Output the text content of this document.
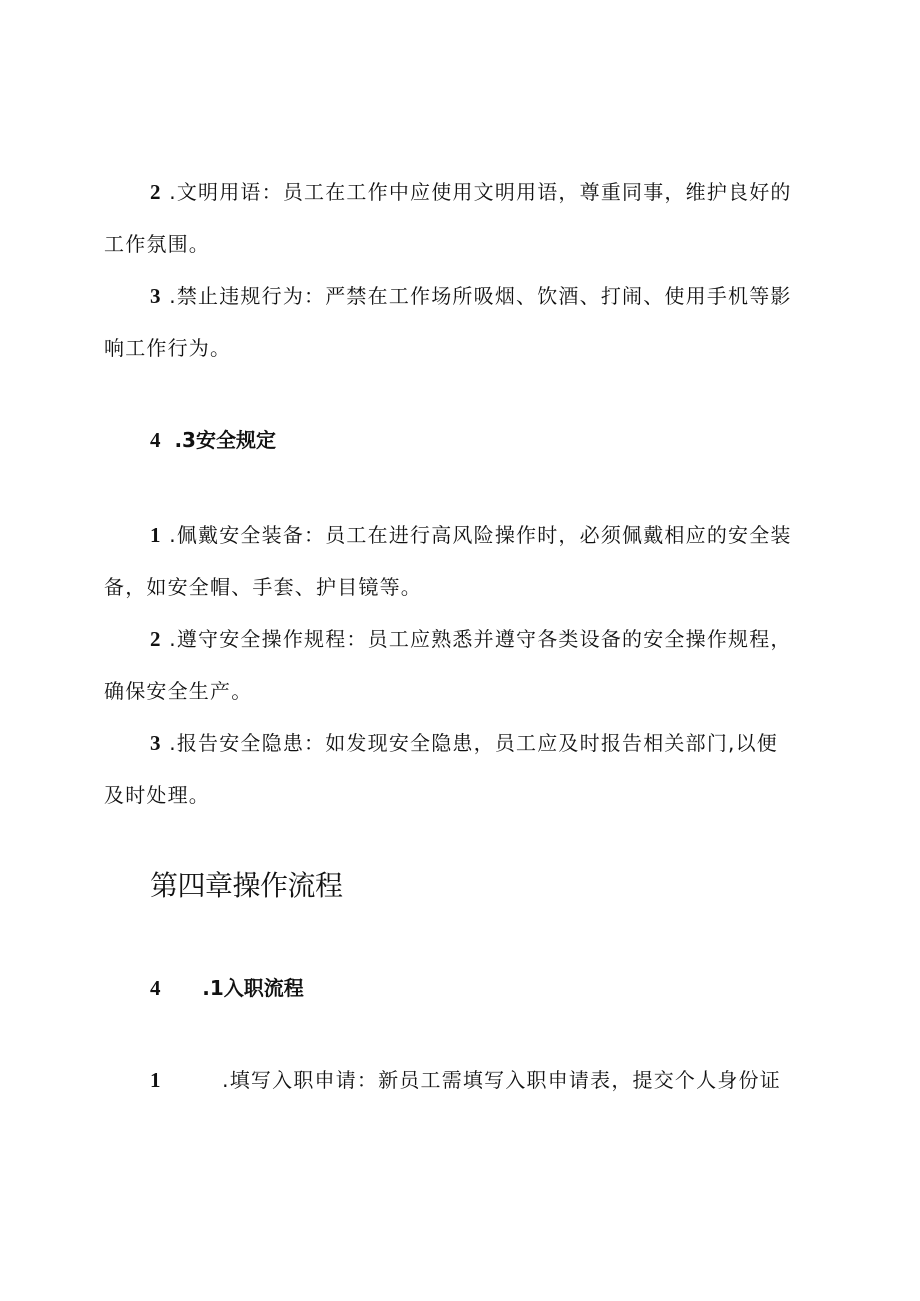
2 .文明用语：员工在工作中应使用文明用语，尊重同事，维护良好的
工作氛围。

3 .禁止违规行为：严禁在工作场所吸烟、饮酒、打闹、使用手机等影
响工作行为。

4 .3安全规定

1 .佩戴安全装备：员工在进行高风险操作时，必须佩戴相应的安全装
备，如安全帽、手套、护目镜等。

2 .遵守安全操作规程：员工应熟悉并遵守各类设备的安全操作规程，
确保安全生产。

3 .报告安全隐患：如发现安全隐患，员工应及时报告相关部门,以便
及时处理。

第四章操作流程

4 .1入职流程

1	.填写入职申请：新员工需填写入职申请表，提交个人身份证
